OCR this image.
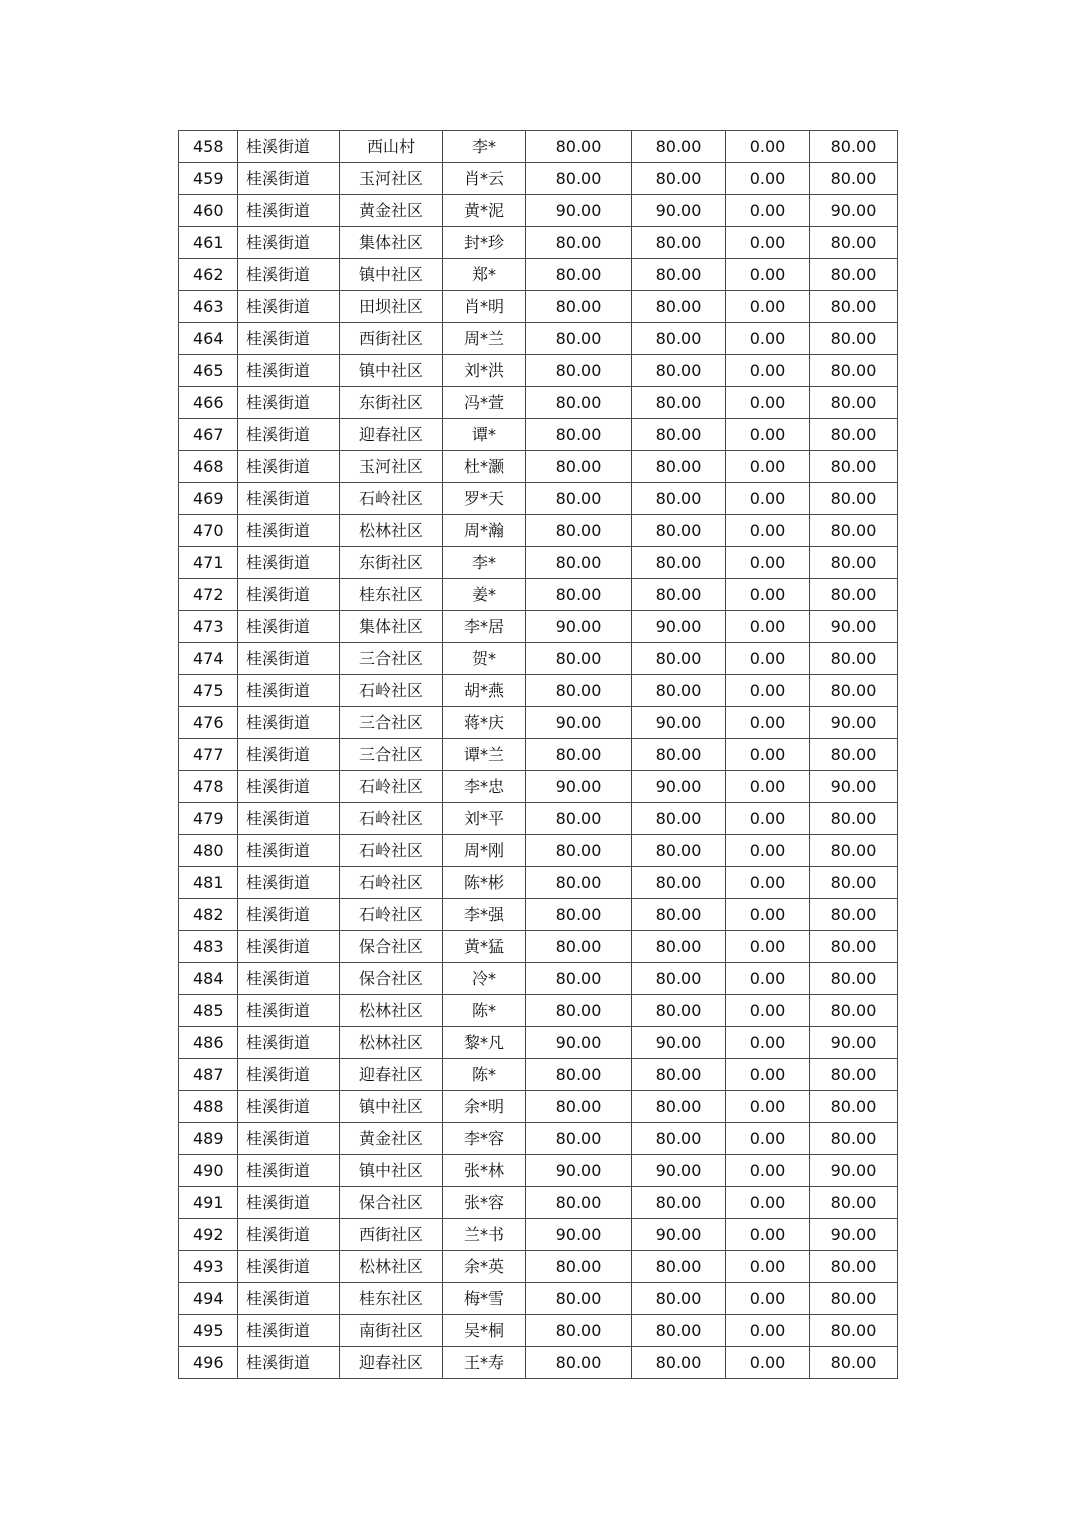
458	桂溪街道	西山村	李*	80.00	80.00	0.00	80.00
459	桂溪街道	玉河社区	肖*云	80.00	80.00	0.00	80.00
460	桂溪街道	黄金社区	黄*泥	90.00	90.00	0.00	90.00
461	桂溪街道	集体社区	封*珍	80.00	80.00	0.00	80.00
462	桂溪街道	镇中社区	郑*	80.00	80.00	0.00	80.00
463	桂溪街道	田坝社区	肖*明	80.00	80.00	0.00	80.00
464	桂溪街道	西街社区	周*兰	80.00	80.00	0.00	80.00
465	桂溪街道	镇中社区	刘*洪	80.00	80.00	0.00	80.00
466	桂溪街道	东街社区	冯*萱	80.00	80.00	0.00	80.00
467	桂溪街道	迎春社区	谭*	80.00	80.00	0.00	80.00
468	桂溪街道	玉河社区	杜*灏	80.00	80.00	0.00	80.00
469	桂溪街道	石岭社区	罗*天	80.00	80.00	0.00	80.00
470	桂溪街道	松林社区	周*瀚	80.00	80.00	0.00	80.00
471	桂溪街道	东街社区	李*	80.00	80.00	0.00	80.00
472	桂溪街道	桂东社区	姜*	80.00	80.00	0.00	80.00
473	桂溪街道	集体社区	李*居	90.00	90.00	0.00	90.00
474	桂溪街道	三合社区	贺*	80.00	80.00	0.00	80.00
475	桂溪街道	石岭社区	胡*燕	80.00	80.00	0.00	80.00
476	桂溪街道	三合社区	蒋*庆	90.00	90.00	0.00	90.00
477	桂溪街道	三合社区	谭*兰	80.00	80.00	0.00	80.00
478	桂溪街道	石岭社区	李*忠	90.00	90.00	0.00	90.00
479	桂溪街道	石岭社区	刘*平	80.00	80.00	0.00	80.00
480	桂溪街道	石岭社区	周*刚	80.00	80.00	0.00	80.00
481	桂溪街道	石岭社区	陈*彬	80.00	80.00	0.00	80.00
482	桂溪街道	石岭社区	李*强	80.00	80.00	0.00	80.00
483	桂溪街道	保合社区	黄*猛	80.00	80.00	0.00	80.00
484	桂溪街道	保合社区	冷*	80.00	80.00	0.00	80.00
485	桂溪街道	松林社区	陈*	80.00	80.00	0.00	80.00
486	桂溪街道	松林社区	黎*凡	90.00	90.00	0.00	90.00
487	桂溪街道	迎春社区	陈*	80.00	80.00	0.00	80.00
488	桂溪街道	镇中社区	余*明	80.00	80.00	0.00	80.00
489	桂溪街道	黄金社区	李*容	80.00	80.00	0.00	80.00
490	桂溪街道	镇中社区	张*林	90.00	90.00	0.00	90.00
491	桂溪街道	保合社区	张*容	80.00	80.00	0.00	80.00
492	桂溪街道	西街社区	兰*书	90.00	90.00	0.00	90.00
493	桂溪街道	松林社区	余*英	80.00	80.00	0.00	80.00
494	桂溪街道	桂东社区	梅*雪	80.00	80.00	0.00	80.00
495	桂溪街道	南街社区	吴*桐	80.00	80.00	0.00	80.00
496	桂溪街道	迎春社区	王*寿	80.00	80.00	0.00	80.00
